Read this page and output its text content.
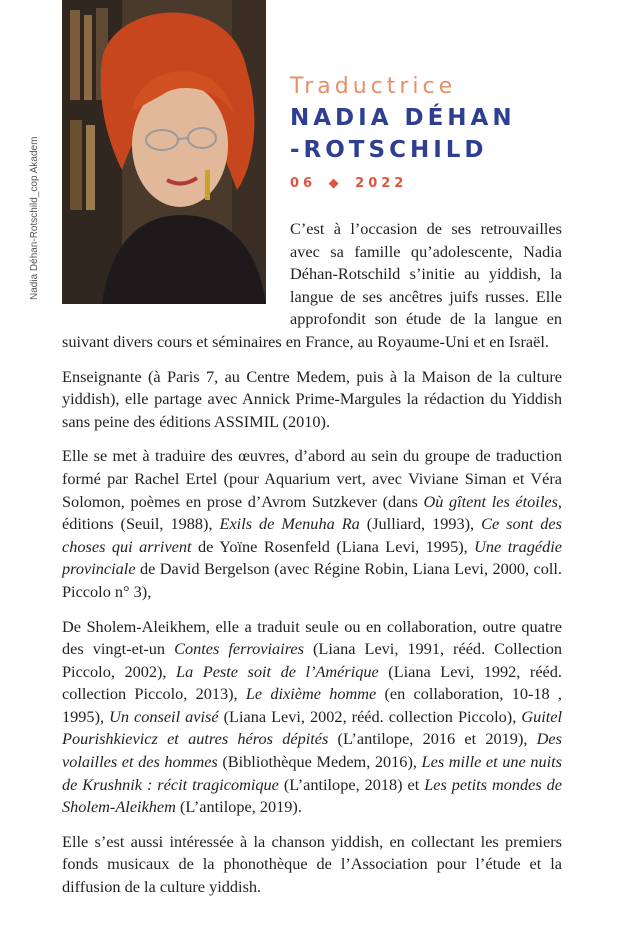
Nadia Déhan-Rotschild_cop Akadem
Traductrice
NADIA DÉHAN
-ROTSCHILD
06 ◆ 2022

C’est à l’occasion de ses retrouvailles avec sa famille qu’adolescente, Nadia Déhan-Rotschild s’initie au yiddish, la langue de ses ancêtres juifs russes. Elle approfondit son étude de la langue en suivant divers cours et séminaires en France, au Royaume-Uni et en Israël.

Enseignante (à Paris 7, au Centre Medem, puis à la Maison de la culture yiddish), elle partage avec Annick Prime-Margules la rédaction du Yiddish sans peine des éditions ASSIMIL (2010).

Elle se met à traduire des œuvres, d’abord au sein du groupe de traduction formé par Rachel Ertel (pour Aquarium vert, avec Viviane Siman et Véra Solomon, poèmes en prose d’Avrom Sutzkever (dans Où gîtent les étoiles, éditions (Seuil, 1988), Exils de Menuha Ra (Julliard, 1993), Ce sont des choses qui arrivent de Yoïne Rosenfeld (Liana Levi, 1995), Une tragédie provinciale de David Bergelson (avec Régine Robin, Liana Levi, 2000, coll. Piccolo n° 3),

De Sholem-Aleikhem, elle a traduit seule ou en collaboration, outre quatre des vingt-et-un Contes ferroviaires (Liana Levi, 1991, rééd. Collection Piccolo, 2002), La Peste soit de l’Amérique (Liana Levi, 1992, rééd. collection Piccolo, 2013), Le dixième homme (en collaboration, 10-18 , 1995), Un conseil avisé (Liana Levi, 2002, rééd. collection Piccolo), Guitel Pourishkievicz et autres héros dépités (L’antilope, 2016 et 2019), Des volailles et des hommes (Bibliothèque Medem, 2016), Les mille et une nuits de Krushnik : récit tragicomique (L’antilope, 2018) et Les petits mondes de Sholem-Aleikhem (L’antilope, 2019).

Elle s’est aussi intéressée à la chanson yiddish, en collectant les premiers fonds musicaux de la phonothèque de l’Association pour l’étude et la diffusion de la culture yiddish.
